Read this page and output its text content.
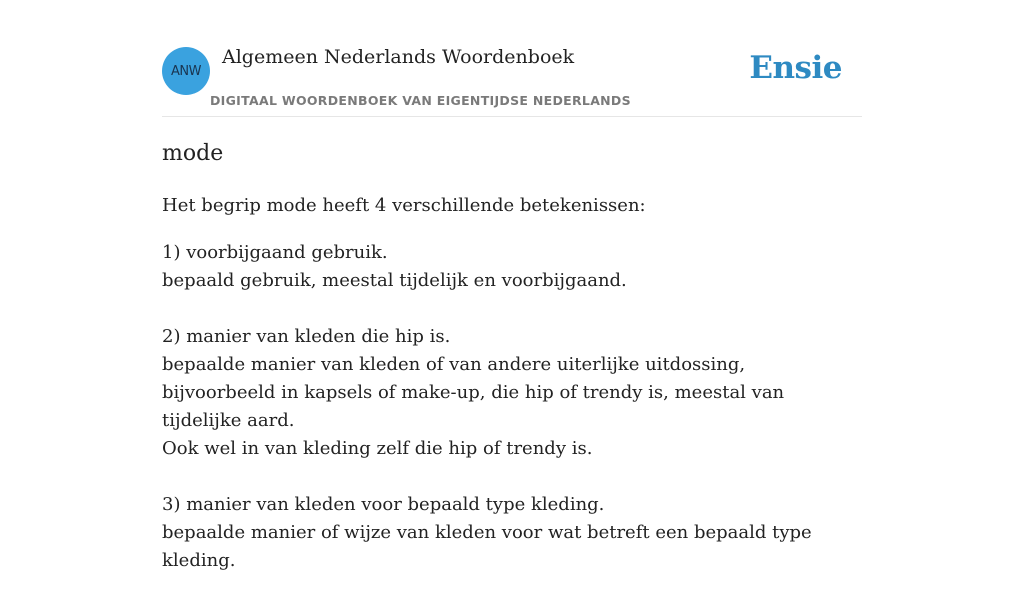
ANW
Algemeen Nederlands Woordenboek
DIGITAAL WOORDENBOEK VAN EIGENTIJDSE NEDERLANDS
Ensie
mode

Het begrip mode heeft 4 verschillende betekenissen:

1) voorbijgaand gebruik.

bepaald gebruik, meestal tijdelijk en voorbijgaand.

2) manier van kleden die hip is.

bepaalde manier van kleden of van andere uiterlijke uitdossing, bijvoorbeeld in kapsels of make-up, die hip of trendy is, meestal van tijdelijke aard.

Ook wel in van kleding zelf die hip of trendy is.

3) manier van kleden voor bepaald type kleding.

bepaalde manier of wijze van kleden voor wat betreft een bepaald type kleding.
